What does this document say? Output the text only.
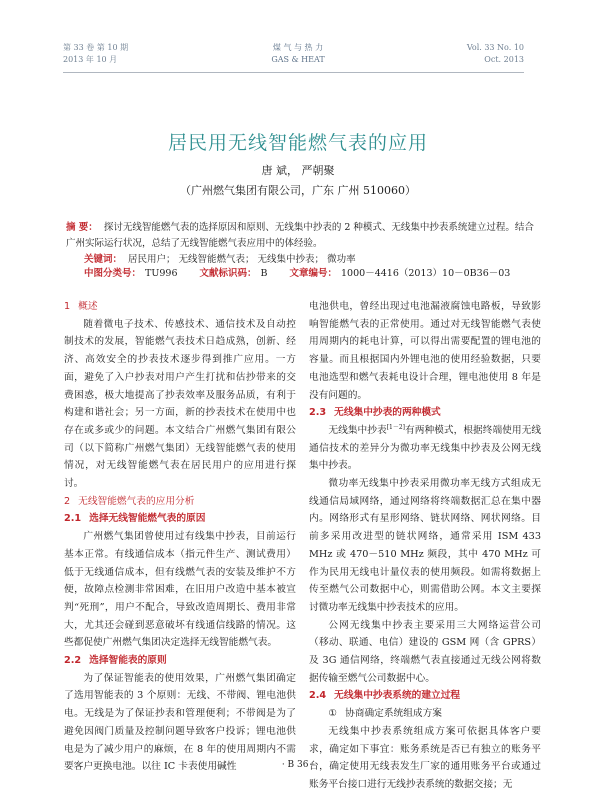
第 33 卷 第 10 期
2013 年 10 月
煤 气 与 热 力
GAS & HEAT
Vol. 33 No. 10
Oct. 2013
居民用无线智能燃气表的应用
唐 斌， 严朝聚
（广州燃气集团有限公司，广东 广州 510060）

摘 要： 探讨无线智能燃气表的选择原因和原则、无线集中抄表的 2 种模式、无线集中抄表系统建立过程。结合广州实际运行状况，总结了无线智能燃气表应用中的体经验。

关键词： 居民用户； 无线智能燃气表； 无线集中抄表； 微功率

中图分类号： TU996 文献标识码： B 文章编号： 1000－4416（2013）10－0B36－03
1 概述

随着微电子技术、传感技术、通信技术及自动控制技术的发展，智能燃气表技术日趋成熟，创新、经济、高效安全的抄表技术逐步得到推广应用。一方面，避免了入户抄表对用户产生打扰和估抄带来的交费困惑，极大地提高了抄表效率及服务品质，有利于构建和谐社会；另一方面，新的抄表技术在使用中也存在或多或少的问题。本文结合广州燃气集团有限公司（以下简称广州燃气集团）无线智能燃气表的使用情况，对无线智能燃气表在居民用户的应用进行探讨。

2 无线智能燃气表的应用分析
2.1 选择无线智能燃气表的原因

广州燃气集团曾使用过有线集中抄表，目前运行基本正常。有线通信成本（指元件生产、测试费用）低于无线通信成本，但有线燃气表的安装及维护不方便，故障点检测非常困难，在旧用户改造中基本被宣判“死刑”，用户不配合，导致改造周期长、费用非常大，尤其还会碰到恶意破坏有线通信线路的情况。这些都促使广州燃气集团决定选择无线智能燃气表。

2.2 选择智能表的原则

为了保证智能表的使用效果，广州燃气集团确定了选用智能表的 3 个原则：无线、不带阀、锂电池供电。无线是为了保证抄表和管理便利；不带阀是为了避免因阀门质量及控制问题导致客户投诉；锂电池供电是为了减少用户的麻烦，在 8 年的使用周期内不需要客户更换电池。以往 IC 卡表使用碱性

电池供电，曾经出现过电池漏液腐蚀电路板，导致影响智能燃气表的正常使用。通过对无线智能燃气表使用周期内的耗电计算，可以得出需要配置的锂电池的容量。而且根据国内外锂电池的使用经验数据，只要电池选型和燃气表耗电设计合理，锂电池使用 8 年是没有问题的。

2.3 无线集中抄表的两种模式

无线集中抄表[1－2]有两种模式，根据终端使用无线通信技术的差异分为微功率无线集中抄表及公网无线集中抄表。

微功率无线集中抄表采用微功率无线方式组成无线通信局域网络，通过网络将终端数据汇总在集中器内。网络形式有星形网络、链状网络、网状网络。目前多采用改进型的链状网络，通常采用 ISM 433 MHz 或 470－510 MHz 频段，其中 470 MHz 可作为民用无线电计量仪表的使用频段。如需将数据上传至燃气公司数据中心，则需借助公网。本文主要探讨微功率无线集中抄表技术的应用。

公网无线集中抄表主要采用三大网络运营公司（移动、联通、电信）建设的 GSM 网（含 GPRS）及 3G 通信网络，终端燃气表直接通过无线公网将数据传输至燃气公司数据中心。

2.4 无线集中抄表系统的建立过程
① 协商确定系统组成方案

无线集中抄表系统组成方案可依据具体客户要求，确定如下事宜：账务系统是否已有独立的账务平台，确定使用无线表发生厂家的通用账务平台或通过账务平台接口进行无线抄表系统的数据交接；无

· B 36 ·
